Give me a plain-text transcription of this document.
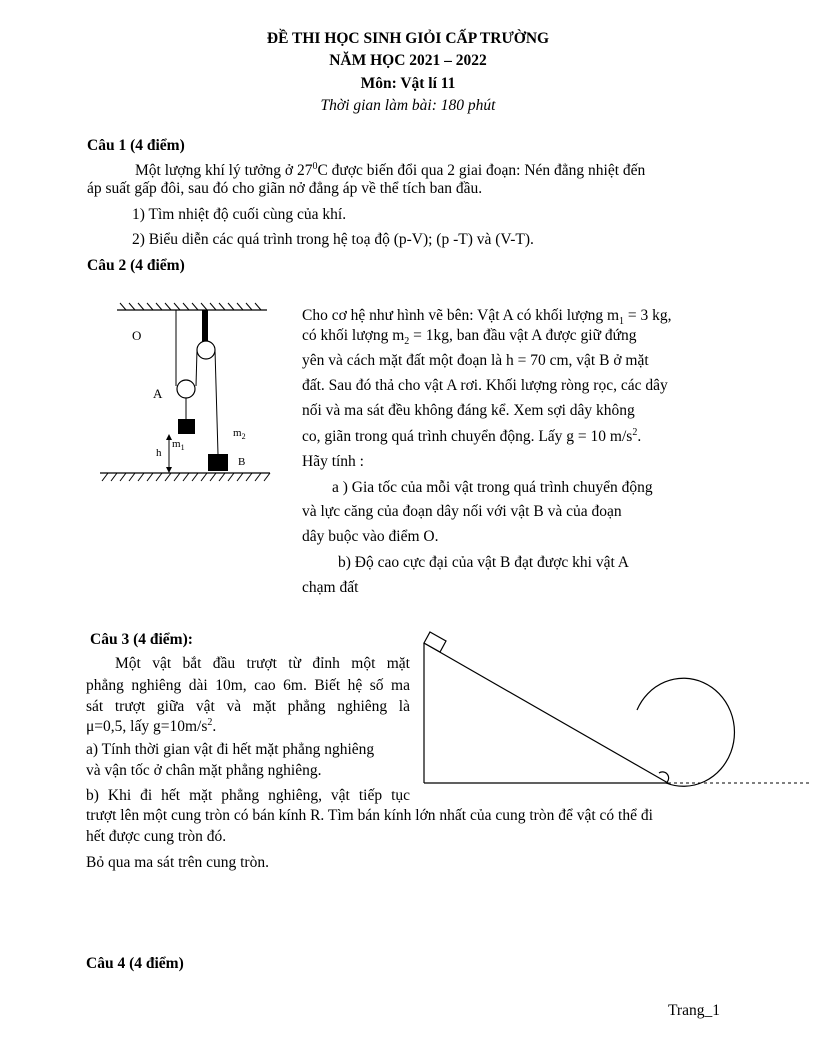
ĐỀ THI HỌC SINH GIỎI CẤP TRƯỜNG
NĂM HỌC 2021 – 2022
Môn: Vật lí 11
Thời gian làm bài: 180 phút
Câu 1 (4 điểm)
Một lượng khí lý tưởng ở $27^0C$ được biến đổi qua 2 giai đoạn: Nén đẳng nhiệt đến
áp suất gấp đôi, sau đó cho giãn nở đẳng áp về thể tích ban đầu.
1) Tìm nhiệt độ cuối cùng của khí.
2) Biểu diễn các quá trình trong hệ toạ độ (p-V); (p -T) và (V-T).
Câu 2 (4 điểm)
O
A
$m_1$
$m_2$
B
h
Cho cơ hệ như hình vẽ bên: Vật A có khối lượng $m_1 = 3$ kg,
có khối lượng $m_2 = 1kg$, ban đầu vật A được giữ đứng
yên và cách mặt đất một đoạn là h = 70 cm, vật B ở mặt
đất. Sau đó thả cho vật A rơi. Khối lượng ròng rọc, các dây
nối và ma sát đều không đáng kể. Xem sợi dây không
co, giãn trong quá trình chuyển động. Lấy g = 10 $m/s^2$.
Hãy tính :
a ) Gia tốc của mỗi vật trong quá trình chuyển động
và lực căng của đoạn dây nối với vật B và của đoạn
dây buộc vào điểm O.
b) Độ cao cực đại của vật B đạt được khi vật A
chạm đất
Câu 3 (4 điểm):
Một vật bắt đầu trượt từ đỉnh một mặt
phẳng nghiêng dài 10m, cao 6m. Biết hệ số ma
sát trượt giữa vật và mặt phẳng nghiêng là
μ=0,5, lấy $g=10m/s^2$.
a) Tính thời gian vật đi hết mặt phẳng nghiêng
và vận tốc ở chân mặt phẳng nghiêng.
b) Khi đi hết mặt phẳng nghiêng, vật tiếp tục
trượt lên một cung tròn có bán kính R. Tìm bán kính lớn nhất của cung tròn để vật có thể đi
hết được cung tròn đó.
Bỏ qua ma sát trên cung tròn.
Câu 4 (4 điểm)
Trang_1
